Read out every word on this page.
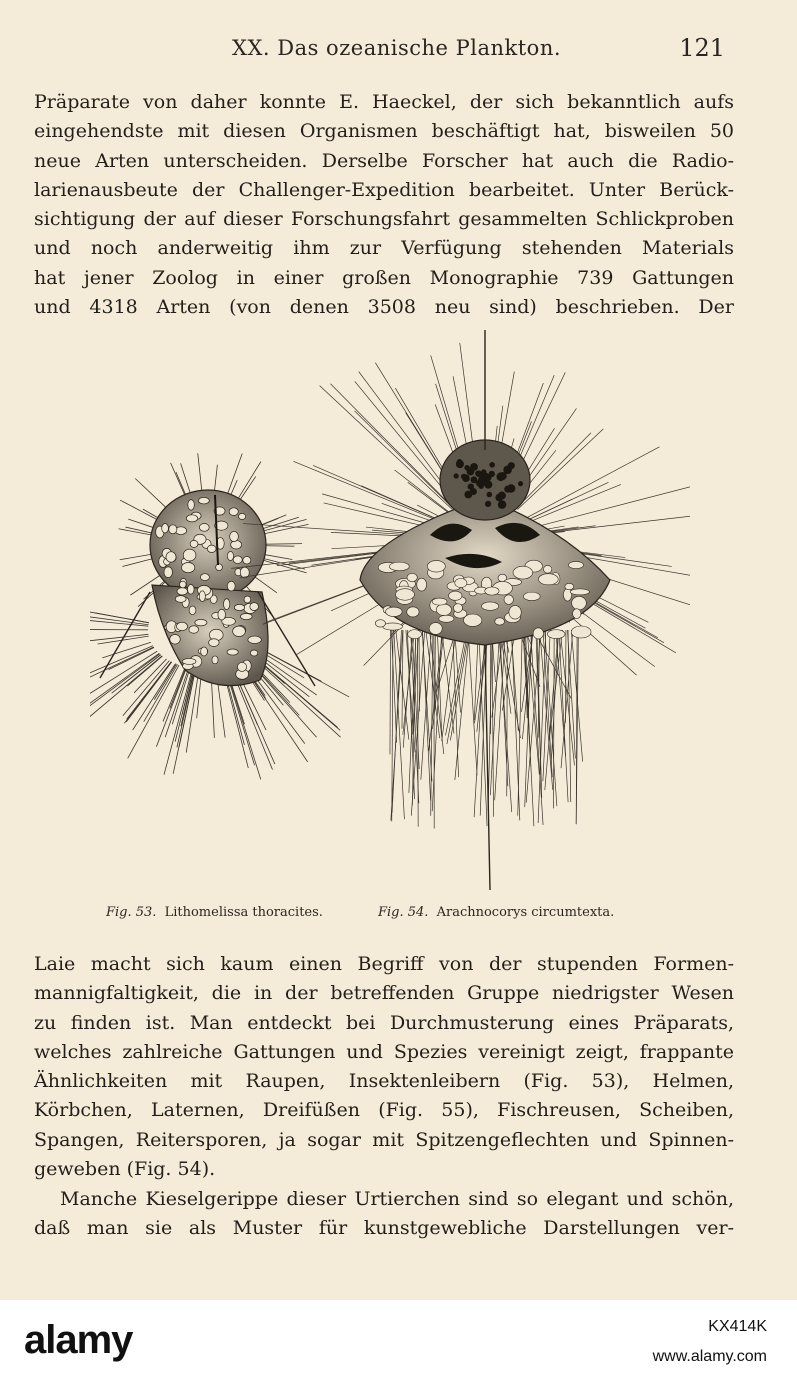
XX. Das ozeanische Plankton.	121
Präparate von daher konnte E. Haeckel, der sich bekanntlich aufs
eingehendste mit diesen Organismen beschäftigt hat, bisweilen 50
neue Arten unterscheiden. Derselbe Forscher hat auch die Radio-
larienausbeute der Challenger-Expedition bearbeitet. Unter Berück-
sichtigung der auf dieser Forschungsfahrt gesammelten Schlickproben
und noch anderweitig ihm zur Verfügung stehenden Materials
hat jener Zoolog in einer großen Monographie 739 Gattungen
und 4318 Arten (von denen 3508 neu sind) beschrieben. Der
Fig. 53. Lithomelissa thoracites.	Fig. 54. Arachnocorys circumtexta.
Laie macht sich kaum einen Begriff von der stupenden Formen-
mannigfaltigkeit, die in der betreffenden Gruppe niedrigster Wesen
zu finden ist. Man entdeckt bei Durchmusterung eines Präparats,
welches zahlreiche Gattungen und Spezies vereinigt zeigt, frappante
Ähnlichkeiten mit Raupen, Insektenleibern (Fig. 53), Helmen,
Körbchen, Laternen, Dreifüßen (Fig. 55), Fischreusen, Scheiben,
Spangen, Reitersporen, ja sogar mit Spitzengeflechten und Spinnen-
geweben (Fig. 54).
Manche Kieselgerippe dieser Urtierchen sind so elegant und schön,
daß man sie als Muster für kunstgewebliche Darstellungen ver-
alamy	KX414K
www.alamy.com
